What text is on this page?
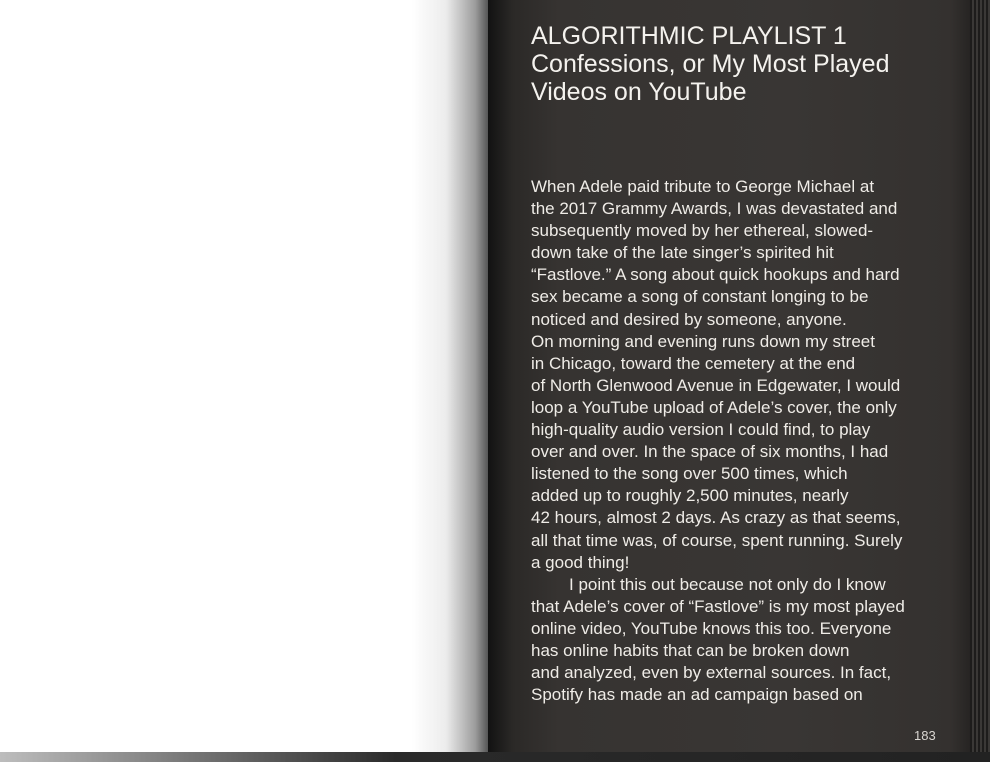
ALGORITHMIC PLAYLIST 1
Confessions, or My Most Played
Videos on YouTube
When Adele paid tribute to George Michael at
the 2017 Grammy Awards, I was devastated and
subsequently moved by her ethereal, slowed-
down take of the late singer’s spirited hit
“Fastlove.” A song about quick hookups and hard
sex became a song of constant longing to be
noticed and desired by someone, anyone.
On morning and evening runs down my street
in Chicago, toward the cemetery at the end
of North Glenwood Avenue in Edgewater, I would
loop a YouTube upload of Adele’s cover, the only
high-quality audio version I could find, to play
over and over. In the space of six months, I had
listened to the song over 500 times, which
added up to roughly 2,500 minutes, nearly
42 hours, almost 2 days. As crazy as that seems,
all that time was, of course, spent running. Surely
a good thing!
I point this out because not only do I know
that Adele’s cover of “Fastlove” is my most played
online video, YouTube knows this too. Everyone
has online habits that can be broken down
and analyzed, even by external sources. In fact,
Spotify has made an ad campaign based on
183
